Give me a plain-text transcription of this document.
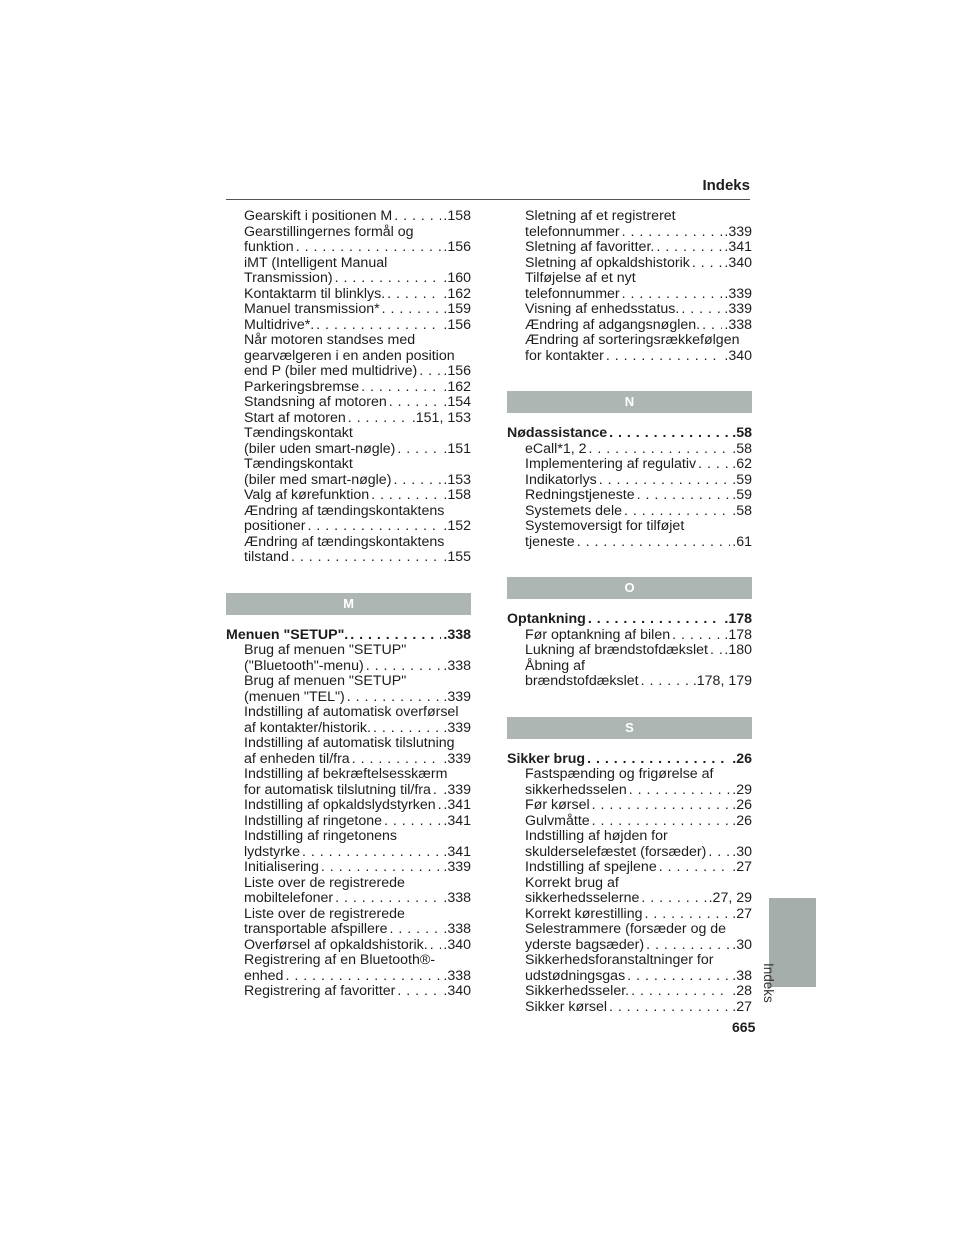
Indeks
Gearskift i positionen M . . .	.158
Gearstillingernes formål og
funktion . . .	.156
iMT (Intelligent Manual
Transmission) . . .	.160
Kontaktarm til blinklys. . . .	.162
Manuel transmission* . . .	.159
Multidrive*. . . .	.156
Når motoren standses med
gearvælgeren i en anden position
end P (biler med multidrive) . . . .156
Parkeringsbremse . . .	.162
Standsning af motoren . . .	.154
Start af motoren . . .	.151, 153
Tændingskontakt
(biler uden smart-nøgle) . . .	.151
Tændingskontakt
(biler med smart-nøgle) . . .	.153
Valg af kørefunktion . . .	.158
Ændring af tændingskontaktens
positioner . . .	.152
Ændring af tændingskontaktens
tilstand . . .	.155
M
Menuen "SETUP". . . .	.338
Brug af menuen "SETUP"
("Bluetooth"-menu) . . .	.338
Brug af menuen "SETUP"
(menuen "TEL") . . .	.339
Indstilling af automatisk overførsel
af kontakter/historik. . . .	.339
Indstilling af automatisk tilslutning
af enheden til/fra . . .	.339
Indstilling af bekræftelsesskærm
for automatisk tilslutning til/fra . . . .339
Indstilling af opkaldslydstyrken . . . .341
Indstilling af ringetone . . .	.341
Indstilling af ringetonens
lydstyrke . . .	.341
Initialisering . . .	.339
Liste over de registrerede
mobiltelefoner . . .	.338
Liste over de registrerede
transportable afspillere . . .	.338
Overførsel af opkaldshistorik. . . . .340
Registrering af en Bluetooth®-
enhed . . .	.338
Registrering af favoritter . . .	.340
Sletning af et registreret
telefonnummer . . .	.339
Sletning af favoritter. . . .	.341
Sletning af opkaldshistorik . . . .340
Tilføjelse af et nyt
telefonnummer . . .	.339
Visning af enhedsstatus. . . .	.339
Ændring af adgangsnøglen. . . . .338
Ændring af sorteringsrækkefølgen
for kontakter . . .	.340
N
Nødassistance . . .	.58
eCall*1, 2 . . .	.58
Implementering af regulativ . . .	.62
Indikatorlys . . .	.59
Redningstjeneste . . .	.59
Systemets dele . . .	.58
Systemoversigt for tilføjet
tjeneste . . .	.61
O
Optankning . . .	.178
Før optankning af bilen . . .	.178
Lukning af brændstofdækslet . . . .180
Åbning af
brændstofdækslet . . .	.178, 179
S
Sikker brug . . .	.26
Fastspænding og frigørelse af
sikkerhedsselen . . .	.29
Før kørsel . . .	.26
Gulvmåtte . . .	.26
Indstilling af højden for
skulderselefæstet (forsæder) . . . .30
Indstilling af spejlene . . .	.27
Korrekt brug af
sikkerhedsselerne . . .	.27, 29
Korrekt kørestilling . . .	.27
Selestrammere (forsæder og de
yderste bagsæder) . . .	.30
Sikkerhedsforanstaltninger for
udstødningsgas . . .	.38
Sikkerhedsseler. . . .	.28
Sikker kørsel . . .	.27
Indeks
665
